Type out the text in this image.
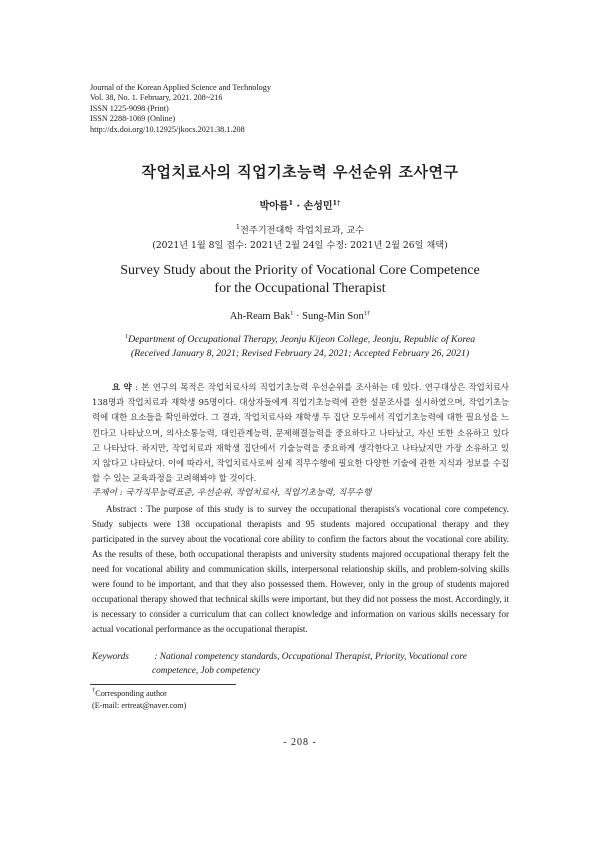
Journal of the Korean Applied Science and Technology
Vol. 38, No. 1. February, 2021. 208~216
ISSN 1225-9098 (Print)
ISSN 2288-1069 (Online)
http://dx.doi.org/10.12925/jkocs.2021.38.1.208
작업치료사의 직업기초능력 우선순위 조사연구
박아름$^1$ · 손성민$^{1\dagger}$
$^1$전주기전대학 작업치료과, 교수
(2021년 1월 8일 접수: 2021년 2월 24일 수정: 2021년 2월 26일 채택)
Survey Study about the Priority of Vocational Core Competence
for the Occupational Therapist
Ah-Ream Bak$^1$ · Sung-Min Son$^{1\dagger}$
$^1$Department of Occupational Therapy, Jeonju Kijeon College, Jeonju, Republic of Korea
(Received January 8, 2021; Revised February 24, 2021; Accepted February 26, 2021)
요 약 : 본 연구의 목적은 작업치료사의 직업기초능력 우선순위를 조사하는 데 있다. 연구대상은 작업치료사 138명과 작업치료과 재학생 95명이다. 대상자들에게 직업기초능력에 관한 설문조사를 실시하였으며, 작업기초능력에 대한 요소들을 확인하였다. 그 결과, 작업치료사와 재학생 두 집단 모두에서 직업기초능력에 대한 필요성을 느낀다고 나타났으며, 의사소통능력, 대인관계능력, 문제해결능력을 중요하다고 나타났고, 자신 또한 소유하고 있다고 나타났다. 하지만, 작업치료과 재학생 집단에서 기술능력을 중요하게 생각한다고 나타났지만 가장 소유하고 있지 않다고 나타났다. 이에 따라서, 작업치료사로써 실제 직무수행에 필요한 다양한 기술에 관한 지식과 정보를 수집할 수 있는 교육과정을 고려해봐야 할 것이다.
주제어 : 국가직무능력표준, 우선순위, 작업치료사, 직업기초능력, 직무수행
Abstract : The purpose of this study is to survey the occupational therapists's vocational core competency. Study subjects were 138 occupational therapists and 95 students majored occupational therapy and they participated in the survey about the vocational core ability to confirm the factors about the vocational core ability. As the results of these, both occupational therapists and university students majored occupational therapy felt the need for vocational ability and communication skills, interpersonal relationship skills, and problem-solving skills were found to be important, and that they also possessed them. However, only in the group of students majored occupational therapy showed that technical skills were important, but they did not possess the most. Accordingly, it is necessary to consider a curriculum that can collect knowledge and information on various skills necessary for actual vocational performance as the occupational therapist.
Keywords : National competency standards, Occupational Therapist, Priority, Vocational core
competence, Job competency
†Corresponding author
(E-mail: ertreat@naver.com)
- 208 -
